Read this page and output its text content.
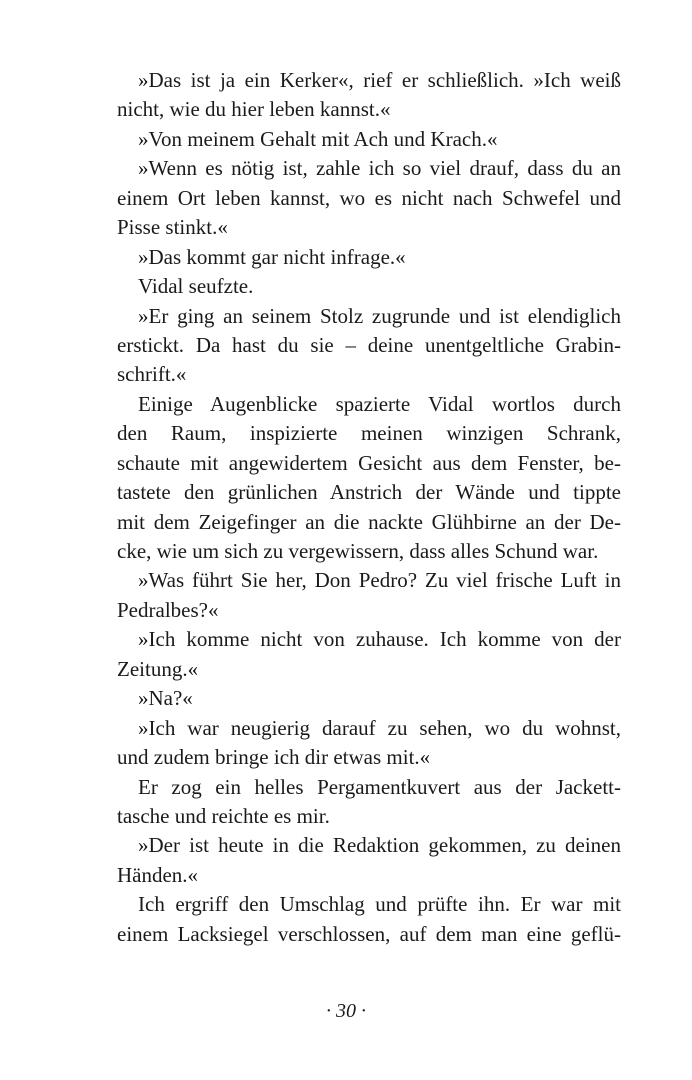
»Das ist ja ein Kerker«, rief er schließlich. »Ich weiß
nicht, wie du hier leben kannst.«
»Von meinem Gehalt mit Ach und Krach.«
»Wenn es nötig ist, zahle ich so viel drauf, dass du an
einem Ort leben kannst, wo es nicht nach Schwefel und
Pisse stinkt.«
»Das kommt gar nicht infrage.«
Vidal seufzte.
»Er ging an seinem Stolz zugrunde und ist elendiglich
erstickt. Da hast du sie – deine unentgeltliche Grabin-
schrift.«
Einige Augenblicke spazierte Vidal wortlos durch
den Raum, inspizierte meinen winzigen Schrank,
schaute mit angewidertem Gesicht aus dem Fenster, be-
tastete den grünlichen Anstrich der Wände und tippte
mit dem Zeigefinger an die nackte Glühbirne an der De-
cke, wie um sich zu vergewissern, dass alles Schund war.
»Was führt Sie her, Don Pedro? Zu viel frische Luft in
Pedralbes?«
»Ich komme nicht von zuhause. Ich komme von der
Zeitung.«
»Na?«
»Ich war neugierig darauf zu sehen, wo du wohnst,
und zudem bringe ich dir etwas mit.«
Er zog ein helles Pergamentkuvert aus der Jackett-
tasche und reichte es mir.
»Der ist heute in die Redaktion gekommen, zu deinen
Händen.«
Ich ergriff den Umschlag und prüfte ihn. Er war mit
einem Lacksiegel verschlossen, auf dem man eine geflü-
· 30 ·
